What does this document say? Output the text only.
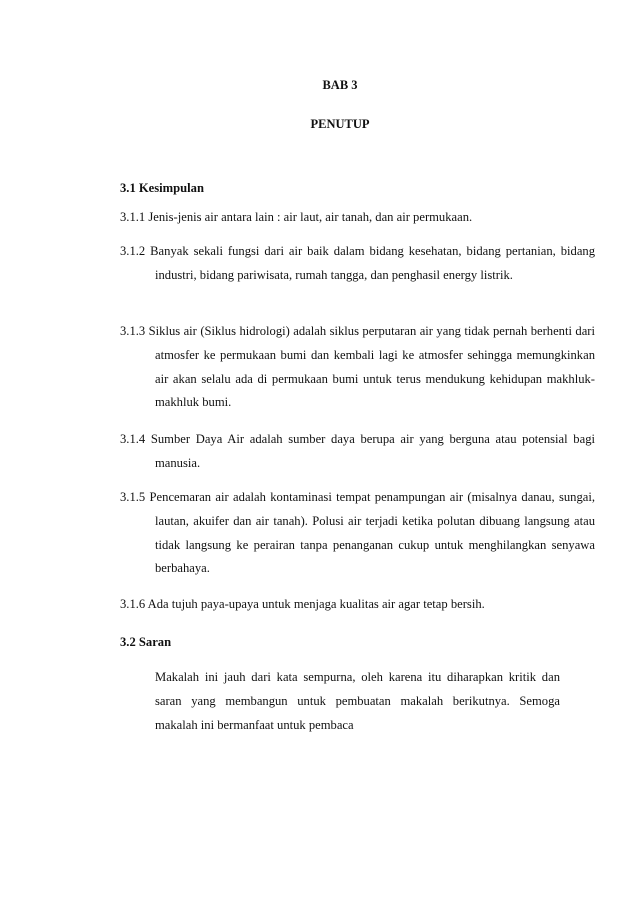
BAB 3
PENUTUP
3.1 Kesimpulan
3.1.1 Jenis-jenis air antara lain : air laut, air tanah, dan air permukaan.
3.1.2 Banyak sekali fungsi dari air baik dalam bidang kesehatan, bidang pertanian, bidang industri, bidang pariwisata, rumah tangga, dan penghasil energy listrik.
3.1.3 Siklus air (Siklus hidrologi) adalah siklus perputaran air yang tidak pernah berhenti dari atmosfer ke permukaan bumi dan kembali lagi ke atmosfer sehingga memungkinkan air akan selalu ada di permukaan bumi untuk terus mendukung kehidupan makhluk-makhluk bumi.
3.1.4 Sumber Daya Air adalah sumber daya berupa air yang berguna atau potensial bagi manusia.
3.1.5 Pencemaran air adalah kontaminasi tempat penampungan air (misalnya danau, sungai, lautan, akuifer dan air tanah). Polusi air terjadi ketika polutan dibuang langsung atau tidak langsung ke perairan tanpa penanganan cukup untuk menghilangkan senyawa berbahaya.
3.1.6 Ada tujuh paya-upaya untuk menjaga kualitas air agar tetap bersih.
3.2 Saran
Makalah ini jauh dari kata sempurna, oleh karena itu diharapkan kritik dan saran yang membangun untuk pembuatan makalah berikutnya. Semoga makalah ini bermanfaat untuk pembaca
